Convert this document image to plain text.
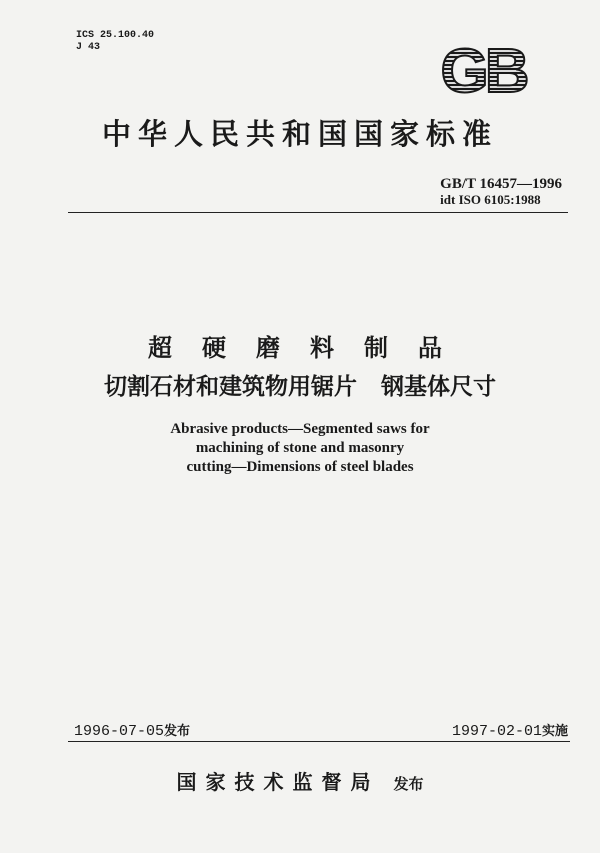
ICS 25.100.40
J 43	GB
中华人民共和国国家标准
GB/T 16457—1996
idt ISO 6105:1988
超硬磨料制品
切割石材和建筑物用锯片   钢基体尺寸
Abrasive products—Segmented saws for
machining of stone and masonry
cutting—Dimensions of steel blades
1996-07-05发布	1997-02-01实施
国家技术监督局 发布
